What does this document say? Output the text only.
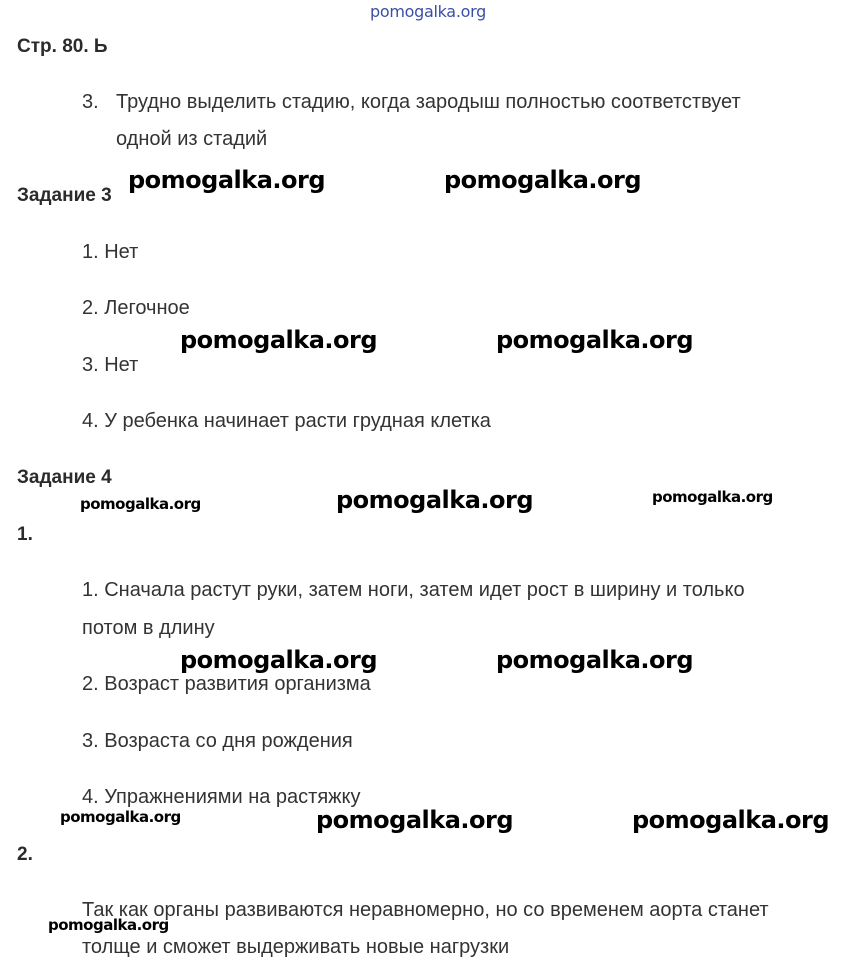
pomogalka.org
Стр. 80. Ь
3. Трудно выделить стадию, когда зародыш полностью соответствует
одной из стадий
Задание 3
pomogalka.org	pomogalka.org
1. Нет
2. Легочное
pomogalka.org	pomogalka.org
3. Нет
4. У ребенка начинает расти грудная клетка
Задание 4
pomogalka.org	pomogalka.org	pomogalka.org
1.
1. Сначала растут руки, затем ноги, затем идет рост в ширину и только
потом в длину
pomogalka.org	pomogalka.org
2. Возраст развития организма
3. Возраста со дня рождения
4. Упражнениями на растяжку
pomogalka.org	pomogalka.org	pomogalka.org
2.
Так как органы развиваются неравномерно, но со временем аорта станет
pomogalka.org
толще и сможет выдерживать новые нагрузки
